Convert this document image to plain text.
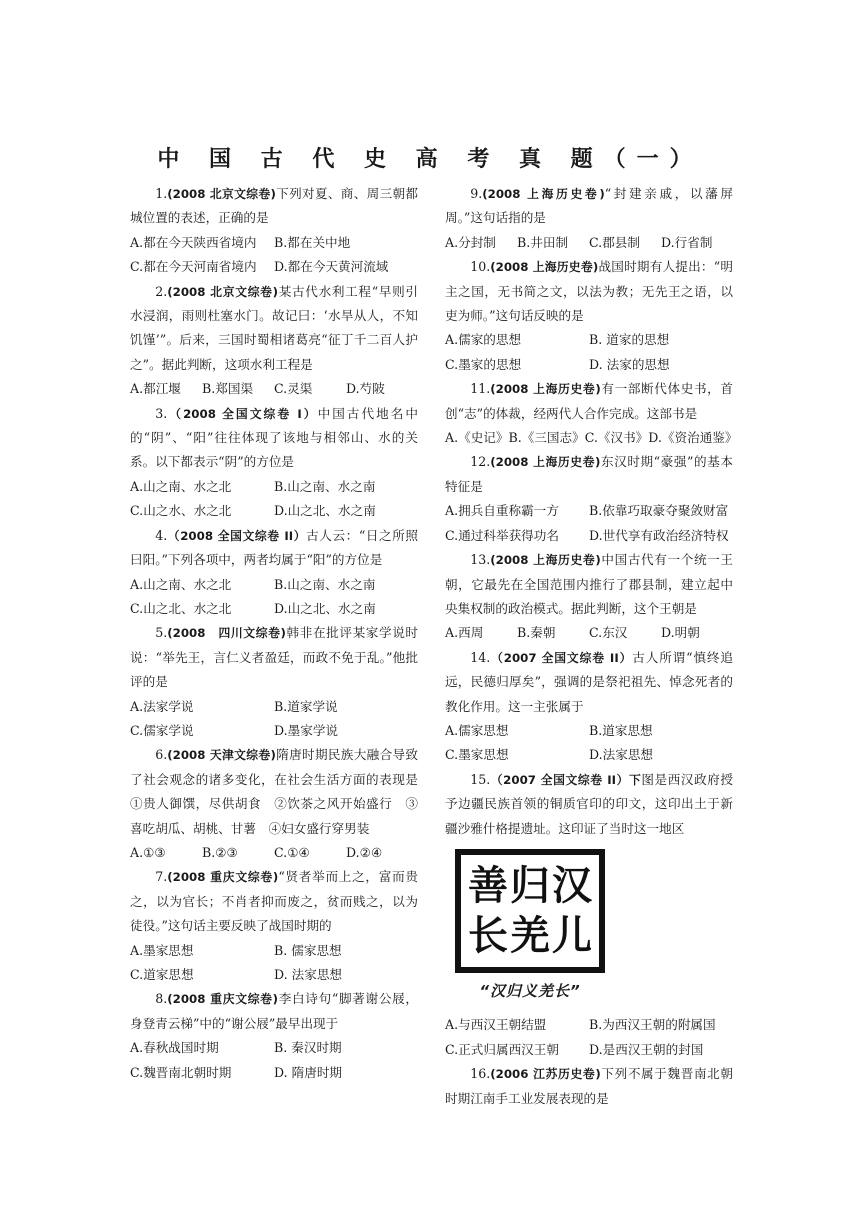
中 国 古 代 史 高 考 真 题（一）

1.(2008 北京文综卷)下列对夏、商、周三朝都城位置的表述，正确的是

A.都在今天陕西省境内	B.都在关中地
C.都在今天河南省境内	D.都在今天黄河流域

2.(2008 北京文综卷)某古代水利工程“早则引水浸润，雨则杜塞水门。故记曰：‘水旱从人，不知饥馑’”。后来，三国时蜀相诸葛亮“征丁千二百人护之”。据此判断，这项水利工程是

A.都江堰	B.郑国渠	C.灵渠	D.芍陂

3.（2008 全国文综卷 I）中国古代地名中的“阴”、“阳”往往体现了该地与相邻山、水的关系。以下都表示“阴”的方位是

A.山之南、水之北	B.山之南、水之南
C.山之水、水之北	D.山之北、水之南

4.（2008 全国文综卷 II）古人云：“日之所照曰阳。”下列各项中，两者均属于“阳”的方位是

A.山之南、水之北	B.山之南、水之南
C.山之北、水之北	D.山之北、水之南

5.(2008　四川文综卷)韩非在批评某家学说时说：“举先王，言仁义者盈廷，而政不免于乱。”他批评的是

A.法家学说	B.道家学说
C.儒家学说	D.墨家学说

6.(2008 天津文综卷)隋唐时期民族大融合导致了社会观念的诸多变化，在社会生活方面的表现是　①贵人御馔，尽供胡食　②饮茶之风开始盛行　③喜吃胡瓜、胡桃、甘薯　④妇女盛行穿男装

A.①③	B.②③	C.①④	D.②④

7.(2008 重庆文综卷)“贤者举而上之，富而贵之，以为官长；不肖者抑而废之，贫而贱之，以为徒役。”这句话主要反映了战国时期的

A.墨家思想	B. 儒家思想
C.道家思想	D. 法家思想

8.(2008 重庆文综卷)李白诗句“脚著谢公屐，身登青云梯”中的“谢公屐”最早出现于

A.春秋战国时期	B. 秦汉时期
C.魏晋南北朝时期	D. 隋唐时期

9.(2008 上海历史卷)“封建亲戚，以藩屏周。”这句话指的是

A.分封制	B.井田制	C.郡县制	D.行省制

10.(2008 上海历史卷)战国时期有人提出：“明主之国，无书简之文，以法为教；无先王之语，以吏为师。”这句话反映的是

A.儒家的思想	B. 道家的思想
C.墨家的思想	D. 法家的思想

11.(2008 上海历史卷)有一部断代体史书，首创“志”的体裁，经两代人合作完成。这部书是

A.《史记》B.《三国志》C.《汉书》D.《资治通鉴》

12.(2008 上海历史卷)东汉时期“豪强”的基本特征是

A.拥兵自重称霸一方	B.依靠巧取豪夺聚敛财富
C.通过科举获得功名	D.世代享有政治经济特权

13.(2008 上海历史卷)中国古代有一个统一王朝，它最先在全国范围内推行了郡县制，建立起中央集权制的政治模式。据此判断，这个王朝是

A.西周	B.秦朝	C.东汉	D.明朝

14.（2007 全国文综卷 II）古人所谓“慎终追远，民德归厚矣”，强调的是祭祀祖先、悼念死者的教化作用。这一主张属于

A.儒家思想	B.道家思想
C.墨家思想	D.法家思想

15.（2007 全国文综卷 II）下图是西汉政府授予边疆民族首领的铜质官印的印文，这印出土于新疆沙雅什格提遗址。这印证了当时这一地区

善 归 汉
长 羌 儿
“汉归义羌长”
A.与西汉王朝结盟	B.为西汉王朝的附属国
C.正式归属西汉王朝	D.是西汉王朝的封国

16.(2006 江苏历史卷)下列不属于魏晋南北朝时期江南手工业发展表现的是
